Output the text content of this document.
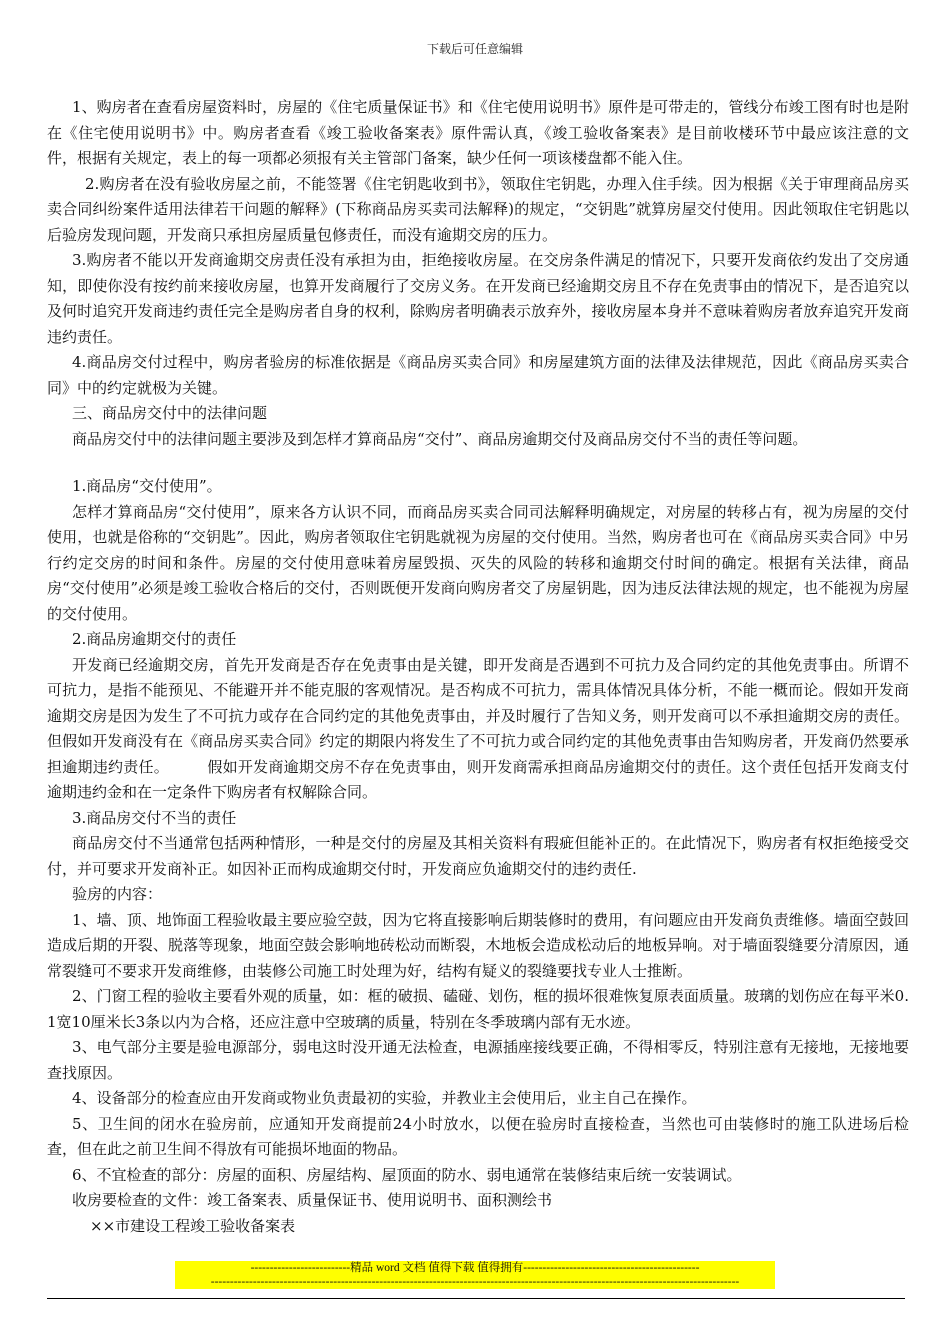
下载后可任意编辑

1、购房者在查看房屋资料时，房屋的《住宅质量保证书》和《住宅使用说明书》原件是可带走的，管线分布竣工图有时也是附在《住宅使用说明书》中。购房者查看《竣工验收备案表》原件需认真，《竣工验收备案表》是目前收楼环节中最应该注意的文件，根据有关规定，表上的每一项都必须报有关主管部门备案，缺少任何一项该楼盘都不能入住。

2.购房者在没有验收房屋之前，不能签署《住宅钥匙收到书》，领取住宅钥匙，办理入住手续。因为根据《关于审理商品房买卖合同纠纷案件适用法律若干问题的解释》(下称商品房买卖司法解释)的规定，“交钥匙”就算房屋交付使用。因此领取住宅钥匙以后验房发现问题，开发商只承担房屋质量包修责任，而没有逾期交房的压力。

3.购房者不能以开发商逾期交房责任没有承担为由，拒绝接收房屋。在交房条件满足的情况下，只要开发商依约发出了交房通知，即使你没有按约前来接收房屋，也算开发商履行了交房义务。在开发商已经逾期交房且不存在免责事由的情况下，是否追究以及何时追究开发商违约责任完全是购房者自身的权利，除购房者明确表示放弃外，接收房屋本身并不意味着购房者放弃追究开发商违约责任。

4.商品房交付过程中，购房者验房的标准依据是《商品房买卖合同》和房屋建筑方面的法律及法律规范，因此《商品房买卖合同》中的约定就极为关键。

三、商品房交付中的法律问题

商品房交付中的法律问题主要涉及到怎样才算商品房“交付”、商品房逾期交付及商品房交付不当的责任等问题。

1.商品房“交付使用”。

怎样才算商品房“交付使用”，原来各方认识不同，而商品房买卖合同司法解释明确规定，对房屋的转移占有，视为房屋的交付使用，也就是俗称的“交钥匙”。因此，购房者领取住宅钥匙就视为房屋的交付使用。当然，购房者也可在《商品房买卖合同》中另行约定交房的时间和条件。房屋的交付使用意味着房屋毁损、灭失的风险的转移和逾期交付时间的确定。根据有关法律，商品房“交付使用”必须是竣工验收合格后的交付，否则既便开发商向购房者交了房屋钥匙，因为违反法律法规的规定，也不能视为房屋的交付使用。

2.商品房逾期交付的责任

开发商已经逾期交房，首先开发商是否存在免责事由是关键，即开发商是否遇到不可抗力及合同约定的其他免责事由。所谓不可抗力，是指不能预见、不能避开并不能克服的客观情况。是否构成不可抗力，需具体情况具体分析，不能一概而论。假如开发商逾期交房是因为发生了不可抗力或存在合同约定的其他免责事由，并及时履行了告知义务，则开发商可以不承担逾期交房的责任。但假如开发商没有在《商品房买卖合同》约定的期限内将发生了不可抗力或合同约定的其他免责事由告知购房者，开发商仍然要承担逾期违约责任。　　　假如开发商逾期交房不存在免责事由，则开发商需承担商品房逾期交付的责任。这个责任包括开发商支付逾期违约金和在一定条件下购房者有权解除合同。

3.商品房交付不当的责任

商品房交付不当通常包括两种情形，一种是交付的房屋及其相关资料有瑕疵但能补正的。在此情况下，购房者有权拒绝接受交付，并可要求开发商补正。如因补正而构成逾期交付时，开发商应负逾期交付的违约责任.

验房的内容：

1、墙、顶、地饰面工程验收最主要应验空鼓，因为它将直接影响后期装修时的费用，有问题应由开发商负责维修。墙面空鼓回造成后期的开裂、脱落等现象，地面空鼓会影响地砖松动而断裂，木地板会造成松动后的地板异响。对于墙面裂缝要分清原因，通常裂缝可不要求开发商维修，由装修公司施工时处理为好，结构有疑义的裂缝要找专业人士推断。

2、门窗工程的验收主要看外观的质量，如：框的破损、磕碰、划伤，框的损坏很难恢复原表面质量。玻璃的划伤应在每平米0.1宽10厘米长3条以内为合格，还应注意中空玻璃的质量，特别在冬季玻璃内部有无水迹。

3、电气部分主要是验电源部分，弱电这时没开通无法检查，电源插座接线要正确，不得相零反，特别注意有无接地，无接地要查找原因。

4、设备部分的检查应由开发商或物业负责最初的实验，并教业主会使用后，业主自己在操作。

5、卫生间的闭水在验房前，应通知开发商提前24小时放水，以便在验房时直接检查，当然也可由装修时的施工队进场后检查，但在此之前卫生间不得放有可能损坏地面的物品。

6、不宜检查的部分：房屋的面积、房屋结构、屋顶面的防水、弱电通常在装修结束后统一安装调试。

收房要检查的文件：竣工备案表、质量保证书、使用说明书、面积测绘书

××市建设工程竣工验收备案表

--------------------------精品 word 文档 值得下载 值得拥有----------------------------------------------
------------------------------------------------------------------------------------------------------------------------------------------
